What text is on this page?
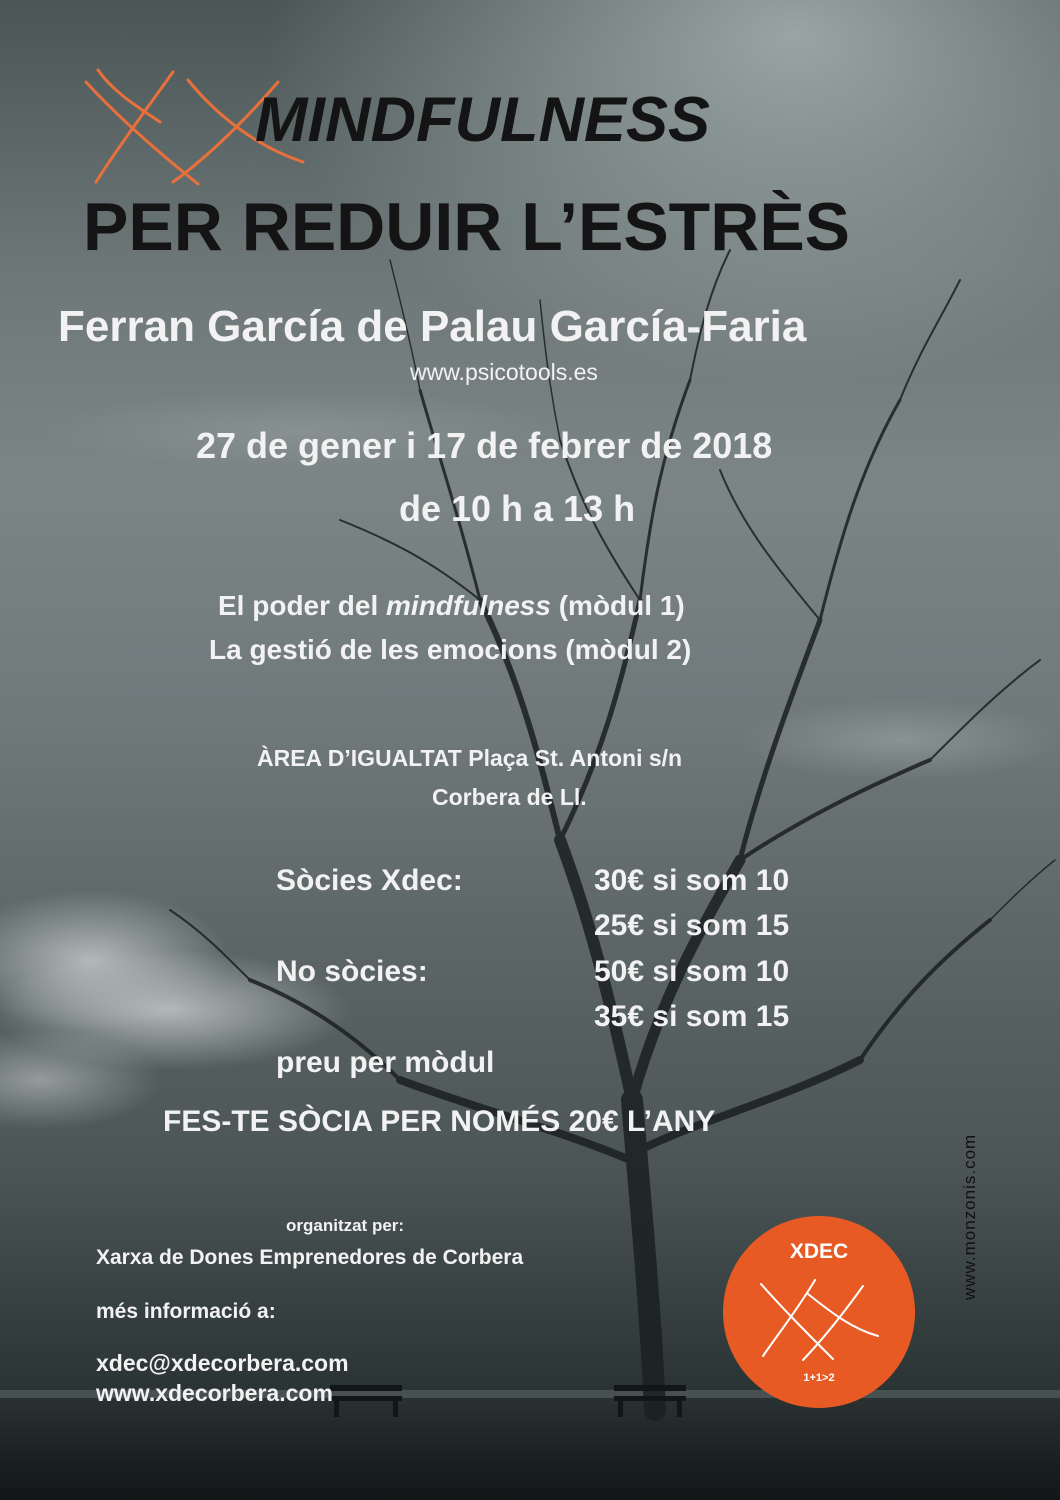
MINDFULNESS
PER REDUIR L’ESTRÈS
Ferran García de Palau García-Faria
www.psicotools.es
27 de gener i 17 de febrer de 2018
de 10 h a 13 h
El poder del mindfulness (mòdul 1)
La gestió de les emocions (mòdul 2)
ÀREA D’IGUALTAT Plaça St. Antoni s/n
Corbera de Ll.
Sòcies Xdec:	30€ si som 10
25€ si som 15
No sòcies:	50€ si som 10
35€ si som 15
preu per mòdul
FES-TE SÒCIA PER NOMÉS 20€ L’ANY
organitzat per:
Xarxa de Dones Emprenedores de Corbera
més informació a:
xdec@xdecorbera.com
www.xdecorbera.com
XDEC
1+1>2
www.monzonis.com
